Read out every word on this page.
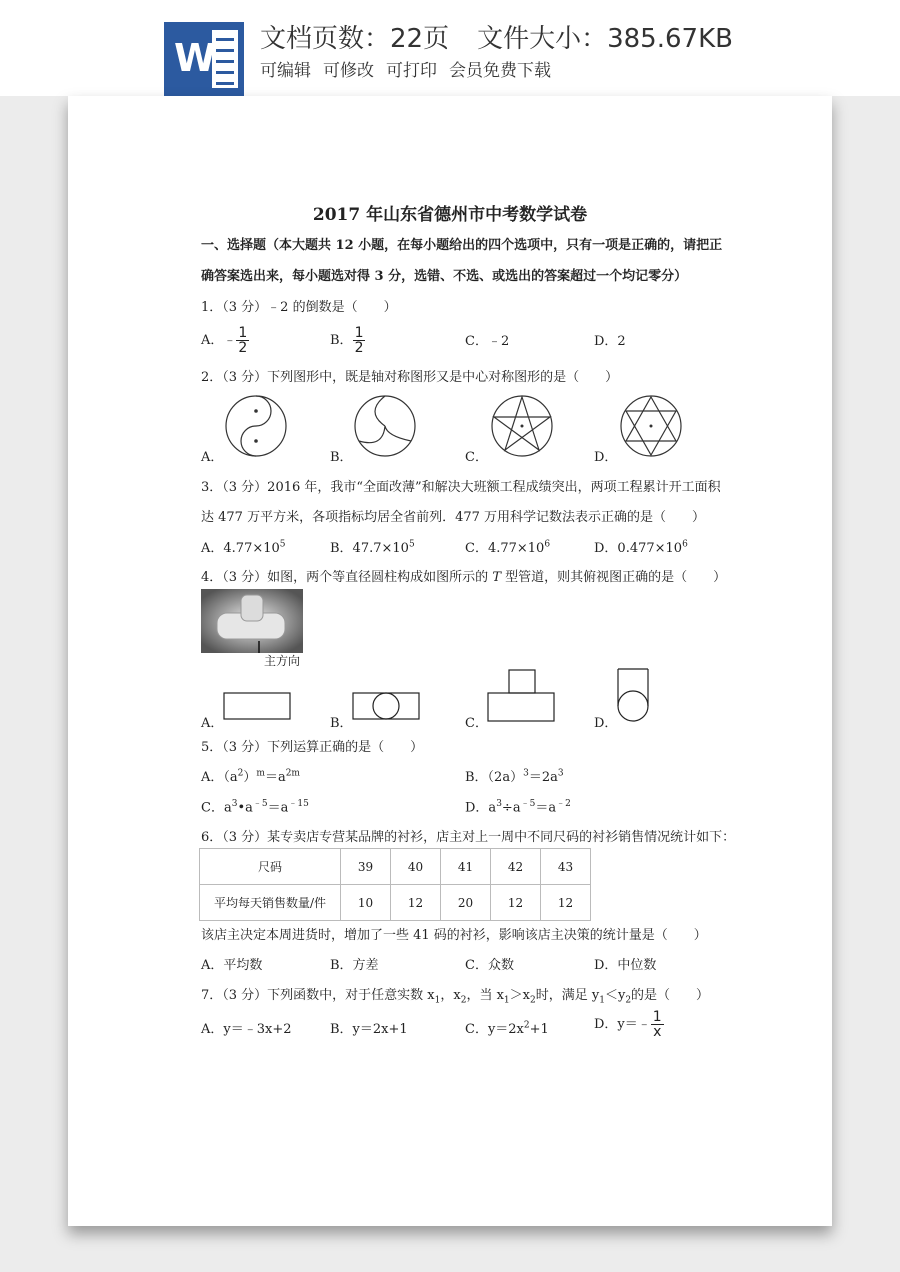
W 文档页数：22页 文件大小：385.67KB
可编辑 可修改 可打印 会员免费下载
2017 年山东省德州市中考数学试卷
一、选择题（本大题共 12 小题，在每小题给出的四个选项中，只有一项是正确的，请把正
确答案选出来，每小题选对得 3 分，选错、不选、或选出的答案超过一个均记零分）
1．（3 分）﹣2 的倒数是（　　）
A．﹣ $\frac{1}{2}$	B． $\frac{1}{2}$	C．﹣2	D．2
2．（3 分）下列图形中，既是轴对称图形又是中心对称图形的是（　　）
A．	B．	C．	D．
3．（3 分）2016 年，我市“全面改薄”和解决大班额工程成绩突出，两项工程累计开工面积
达 477 万平方米，各项指标均居全省前列．477 万用科学记数法表示正确的是（　　）
A．$4.77\times 10^5$	B．$47.7\times 10^5$	C．$4.77\times 10^6$	D．$0.477\times 10^6$
4．（3 分）如图，两个等直径圆柱构成如图所示的 T 型管道，则其俯视图正确的是（　　）
主方向
A．	B．	C．	D．
5．（3 分）下列运算正确的是（　　）
A．$(a^2)^m=a^{2m}$	B．$(2a)^3=2a^3$
C．$a^3•a^{﹣5}=a^{﹣15}$	D．$a^3\div a^{﹣5}=a^{﹣2}$
6．（3 分）某专卖店专营某品牌的衬衫，店主对上一周中不同尺码的衬衫销售情况统计如下：
尺码	39	40	41	42	43
平均每天销售数量/件	10	12	20	12	12
该店主决定本周进货时，增加了一些 41 码的衬衫，影响该店主决策的统计量是（　　）
A．平均数	B．方差	C．众数	D．中位数
7．（3 分）下列函数中，对于任意实数 $x_1$，$x_2$，当 $x_1>x_2$时，满足 $y_1<y_2$的是（　　）
A．y＝﹣3x+2	B．y＝2x+1	C．$y=2x^2+1$	D．y＝﹣ $\frac{1}{x}$
